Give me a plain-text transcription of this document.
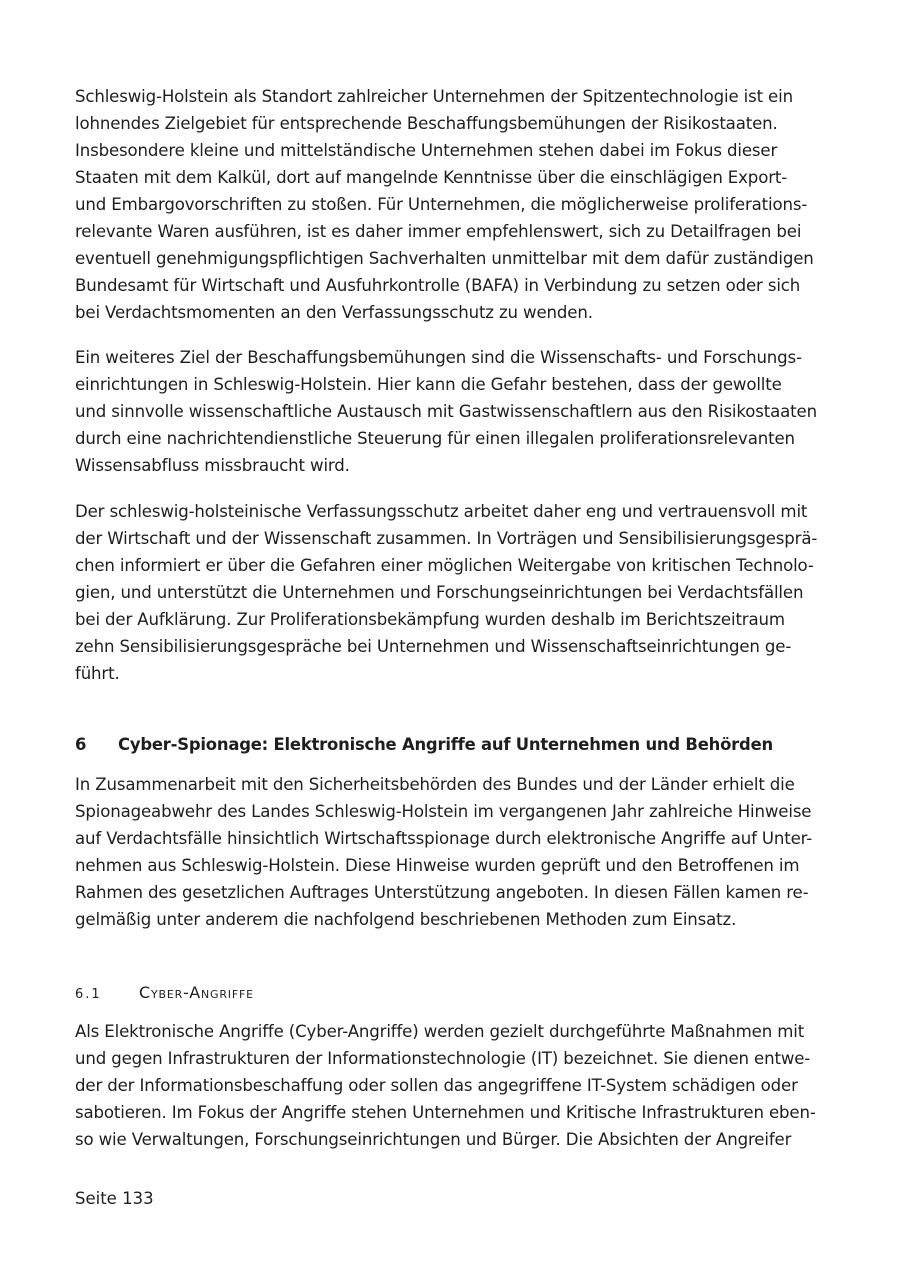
Schleswig-Holstein als Standort zahlreicher Unternehmen der Spitzentechnologie ist ein
lohnendes Zielgebiet für entsprechende Beschaffungsbemühungen der Risikostaaten.
Insbesondere kleine und mittelständische Unternehmen stehen dabei im Fokus dieser
Staaten mit dem Kalkül, dort auf mangelnde Kenntnisse über die einschlägigen Export-
und Embargovorschriften zu stoßen. Für Unternehmen, die möglicherweise proliferations-
relevante Waren ausführen, ist es daher immer empfehlenswert, sich zu Detailfragen bei
eventuell genehmigungspflichtigen Sachverhalten unmittelbar mit dem dafür zuständigen
Bundesamt für Wirtschaft und Ausfuhrkontrolle (BAFA) in Verbindung zu setzen oder sich
bei Verdachtsmomenten an den Verfassungsschutz zu wenden.
Ein weiteres Ziel der Beschaffungsbemühungen sind die Wissenschafts- und Forschungs-
einrichtungen in Schleswig-Holstein. Hier kann die Gefahr bestehen, dass der gewollte
und sinnvolle wissenschaftliche Austausch mit Gastwissenschaftlern aus den Risikostaaten
durch eine nachrichtendienstliche Steuerung für einen illegalen proliferationsrelevanten
Wissensabfluss missbraucht wird.
Der schleswig-holsteinische Verfassungsschutz arbeitet daher eng und vertrauensvoll mit
der Wirtschaft und der Wissenschaft zusammen. In Vorträgen und Sensibilisierungsgesprä-
chen informiert er über die Gefahren einer möglichen Weitergabe von kritischen Technolo-
gien, und unterstützt die Unternehmen und Forschungseinrichtungen bei Verdachtsfällen
bei der Aufklärung. Zur Proliferationsbekämpfung wurden deshalb im Berichtszeitraum
zehn Sensibilisierungsgespräche bei Unternehmen und Wissenschaftseinrichtungen ge-
führt.
6 Cyber-Spionage: Elektronische Angriffe auf Unternehmen und Behörden
In Zusammenarbeit mit den Sicherheitsbehörden des Bundes und der Länder erhielt die
Spionageabwehr des Landes Schleswig-Holstein im vergangenen Jahr zahlreiche Hinweise
auf Verdachtsfälle hinsichtlich Wirtschaftsspionage durch elektronische Angriffe auf Unter-
nehmen aus Schleswig-Holstein. Diese Hinweise wurden geprüft und den Betroffenen im
Rahmen des gesetzlichen Auftrages Unterstützung angeboten. In diesen Fällen kamen re-
gelmäßig unter anderem die nachfolgend beschriebenen Methoden zum Einsatz.
6.1 Cyber-Angriffe
Als Elektronische Angriffe (Cyber-Angriffe) werden gezielt durchgeführte Maßnahmen mit
und gegen Infrastrukturen der Informationstechnologie (IT) bezeichnet. Sie dienen entwe-
der der Informationsbeschaffung oder sollen das angegriffene IT-System schädigen oder
sabotieren. Im Fokus der Angriffe stehen Unternehmen und Kritische Infrastrukturen eben-
so wie Verwaltungen, Forschungseinrichtungen und Bürger. Die Absichten der Angreifer
Seite 133
